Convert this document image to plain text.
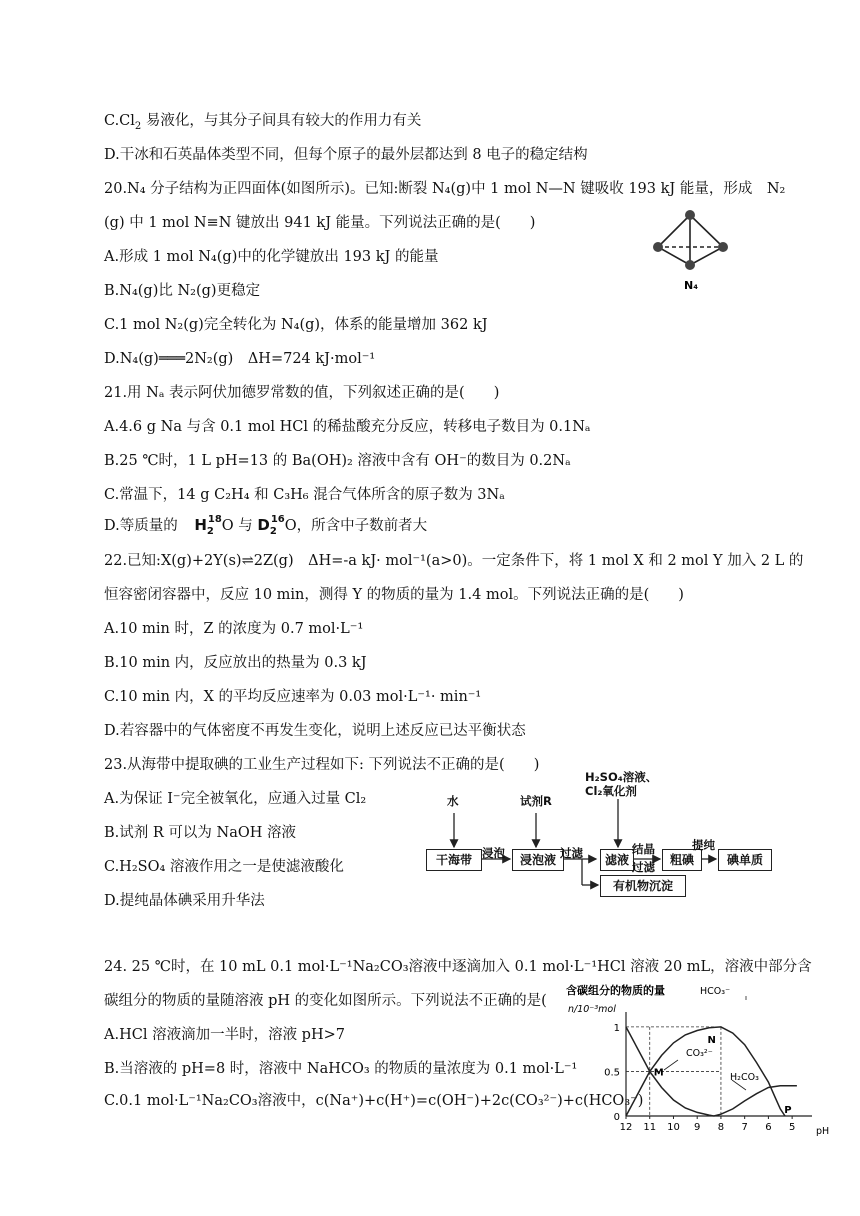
$C.Cl_2$ 易液化，与其分子间具有较大的作用力有关
D.干冰和石英晶体类型不同，但每个原子的最外层都达到 8 电子的稳定结构
20.N₄ 分子结构为正四面体(如图所示)。已知:断裂 N₄(g)中 1 mol N—N 键吸收 193 kJ 能量，形成　N₂
(g) 中 1 mol N≡N 键放出 941 kJ 能量。下列说法正确的是(　　)
A.形成 1 mol N₄(g)中的化学键放出 193 kJ 的能量
B.N₄(g)比 N₂(g)更稳定
C.1 mol N₂(g)完全转化为 N₄(g)，体系的能量增加 362 kJ
D.N₄(g)═══2N₂(g)　ΔH=724 kJ·mol⁻¹
N₄
21.用 Nₐ 表示阿伏加德罗常数的值，下列叙述正确的是(　　)
A.4.6 g Na 与含 0.1 mol HCl 的稀盐酸充分反应，转移电子数目为 0.1Nₐ
B.25 ℃时，1 L pH=13 的 Ba(OH)₂ 溶液中含有 OH⁻的数目为 0.2Nₐ
C.常温下，14 g C₂H₄ 和 C₃H₆ 混合气体所含的原子数为 3Nₐ
D.等质量的 $H_2^{18}O$ 与 $D_2^{16}O$，所含中子数前者大
22.已知:X(g)+2Y(s)⇌2Z(g)　ΔH=-a kJ· mol⁻¹(a>0)。一定条件下，将 1 mol X 和 2 mol Y 加入 2 L 的
恒容密闭容器中，反应 10 min，测得 Y 的物质的量为 1.4 mol。下列说法正确的是(　　)
A.10 min 时，Z 的浓度为 0.7 mol·L⁻¹
B.10 min 内，反应放出的热量为 0.3 kJ
C.10 min 内，X 的平均反应速率为 0.03 mol·L⁻¹· min⁻¹
D.若容器中的气体密度不再发生变化，说明上述反应已达平衡状态
23.从海带中提取碘的工业生产过程如下: 下列说法不正确的是(　　)
A.为保证 I⁻完全被氧化，应通入过量 Cl₂
B.试剂 R 可以为 NaOH 溶液
C.H₂SO₄ 溶液作用之一是使滤液酸化
D.提纯晶体碘采用升华法
水	试剂R
H₂SO₄溶液、
Cl₂氧化剂
干海带 浸泡	浸泡液 过滤	滤液
结晶
过滤	粗碘
提纯
碘单质
有机物沉淀
24. 25 ℃时，在 10 mL 0.1 mol·L⁻¹Na₂CO₃溶液中逐滴加入 0.1 mol·L⁻¹HCl 溶液 20 mL，溶液中部分含
碳组分的物质的量随溶液 pH 的变化如图所示。下列说法不正确的是(
A.HCl 溶液滴加一半时，溶液 pH>7
B.当溶液的 pH=8 时，溶液中 NaHCO₃ 的物质的量浓度为 0.1 mol·L⁻¹
C.0.1 mol·L⁻¹Na₂CO₃溶液中，c(Na⁺)+c(H⁺)=c(OH⁻)+2c(CO₃²⁻)+c(HCO₃⁻)
含碳组分的物质的量
n/10⁻³mol
0
0.5
1
12 11 10 9 8 7 6 5 pH
HCO₃⁻
CO₃²⁻
H₂CO₃
M
N
P
